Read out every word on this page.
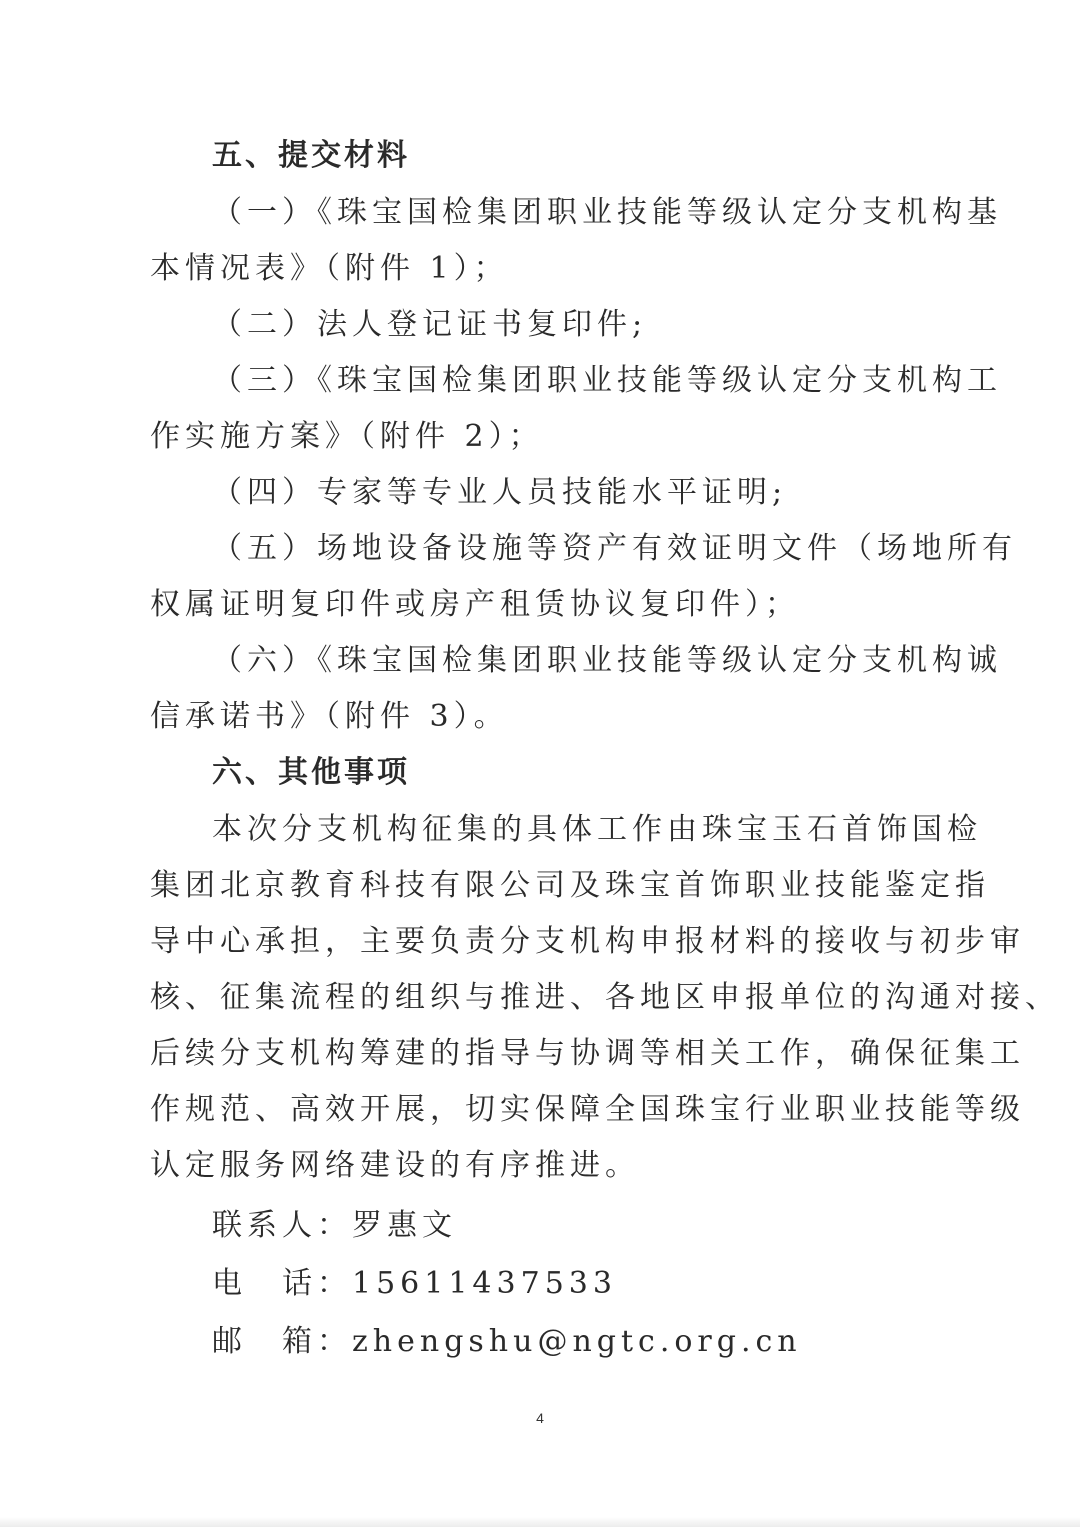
五、提交材料
（一）《珠宝国检集团职业技能等级认定分支机构基
本情况表》（附件 1）；
（二）法人登记证书复印件;
（三）《珠宝国检集团职业技能等级认定分支机构工
作实施方案》（附件 2）；
（四）专家等专业人员技能水平证明;
（五）场地设备设施等资产有效证明文件（场地所有
权属证明复印件或房产租赁协议复印件）；
（六）《珠宝国检集团职业技能等级认定分支机构诚
信承诺书》（附件 3）。
六、其他事项
本次分支机构征集的具体工作由珠宝玉石首饰国检
集团北京教育科技有限公司及珠宝首饰职业技能鉴定指
导中心承担，主要负责分支机构申报材料的接收与初步审
核、征集流程的组织与推进、各地区申报单位的沟通对接、
后续分支机构筹建的指导与协调等相关工作，确保征集工
作规范、高效开展，切实保障全国珠宝行业职业技能等级
认定服务网络建设的有序推进。
联系人：罗惠文
电　话：15611437533
邮　箱：zhengshu@ngtc.org.cn
4
